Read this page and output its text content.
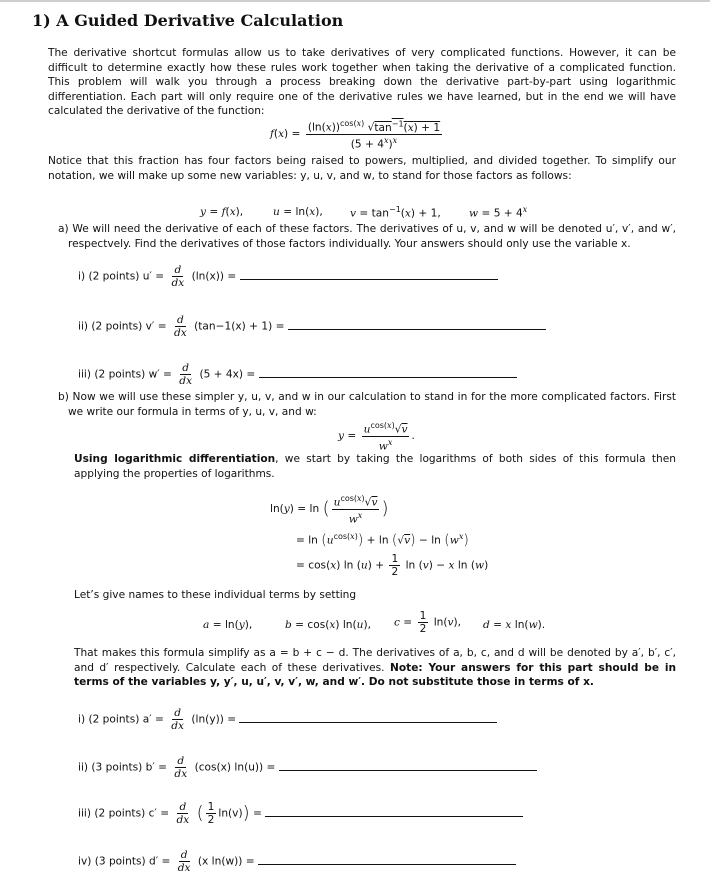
1) A Guided Derivative Calculation
The derivative shortcut formulas allow us to take derivatives of very complicated functions. However, it can be difficult to determine exactly how these rules work together when taking the derivative of a complicated function. This problem will walk you through a process breaking down the derivative part-by-part using logarithmic differentiation. Each part will only require one of the derivative rules we have learned, but in the end we will have calculated the derivative of the function:
$f(x) = \frac{(\ln(x))^{cos(x)} √\tan^{-1}(x) + 1}{(5 + 4^x)^x}$
Notice that this fraction has four factors being raised to powers, multiplied, and divided together. To simplify our notation, we will make up some new variables: y, u, v, and w, to stand for those factors as follows:
y = f(x),	u = ln(x),	$v = \tan^{-1}(x) + 1$,	$w = 5 + 4^x$
a) We will need the derivative of each of these factors. The derivatives of u, v, and w will be denoted u′, v′, and w′, respectvely. Find the derivatives of those factors individually. Your answers should only use the variable x.
i) (2 points) $u' = \frac{d}{dx} (\ln(x))$ =
ii) (2 points) $v' = \frac{d}{dx} (\tan-1(x) + 1)$ =
iii) (2 points) $w' = \frac{d}{dx} (5 + 4x)$ =
b) Now we will use these simpler y, u, v, and w in our calculation to stand in for the more complicated factors. First we write our formula in terms of y, u, v, and w:
$y = \frac{u^{cos(x)}√v}{w^x}$ .
Using logarithmic differentiation, we start by taking the logarithms of both sides of this formula then applying the properties of logarithms.
ln(y) = ln ( $\frac{u^{cos(x)}√v}{w^x}$ )
= $\ln (u^{cos(x)}) + \ln (√v) - \ln (w^x)$
= cos(x) $\ln (u) + \frac{1}{2}$ ln (v) − x ln (w)
Let’s give names to these individual terms by setting
a = ln(y),	b = cos(x) ln(u), $c = \frac{1}{2} \ln(v)$, d = x ln(w).
That makes this formula simplify as a = b + c − d. The derivatives of a, b, c, and d will be denoted by a′, b′, c′, and d′ respectively. Calculate each of these derivatives. Note: Your answers for this part should be in terms of the variables y, y′, u, u′, v, v′, w, and w′. Do not substitute those in terms of x.
i) (2 points) $a' = \frac{d}{dx} (\ln(y))$ =
ii) (3 points) $b' = \frac{d}{dx} (\cos(x) \ln(u))$ =
iii) (2 points) $c' = \frac{d}{dx}$ ( $\frac{1}{2} \ln(v)$) =
iv) (3 points) $d' = \frac{d}{dx} (x$ ln(w)) =
